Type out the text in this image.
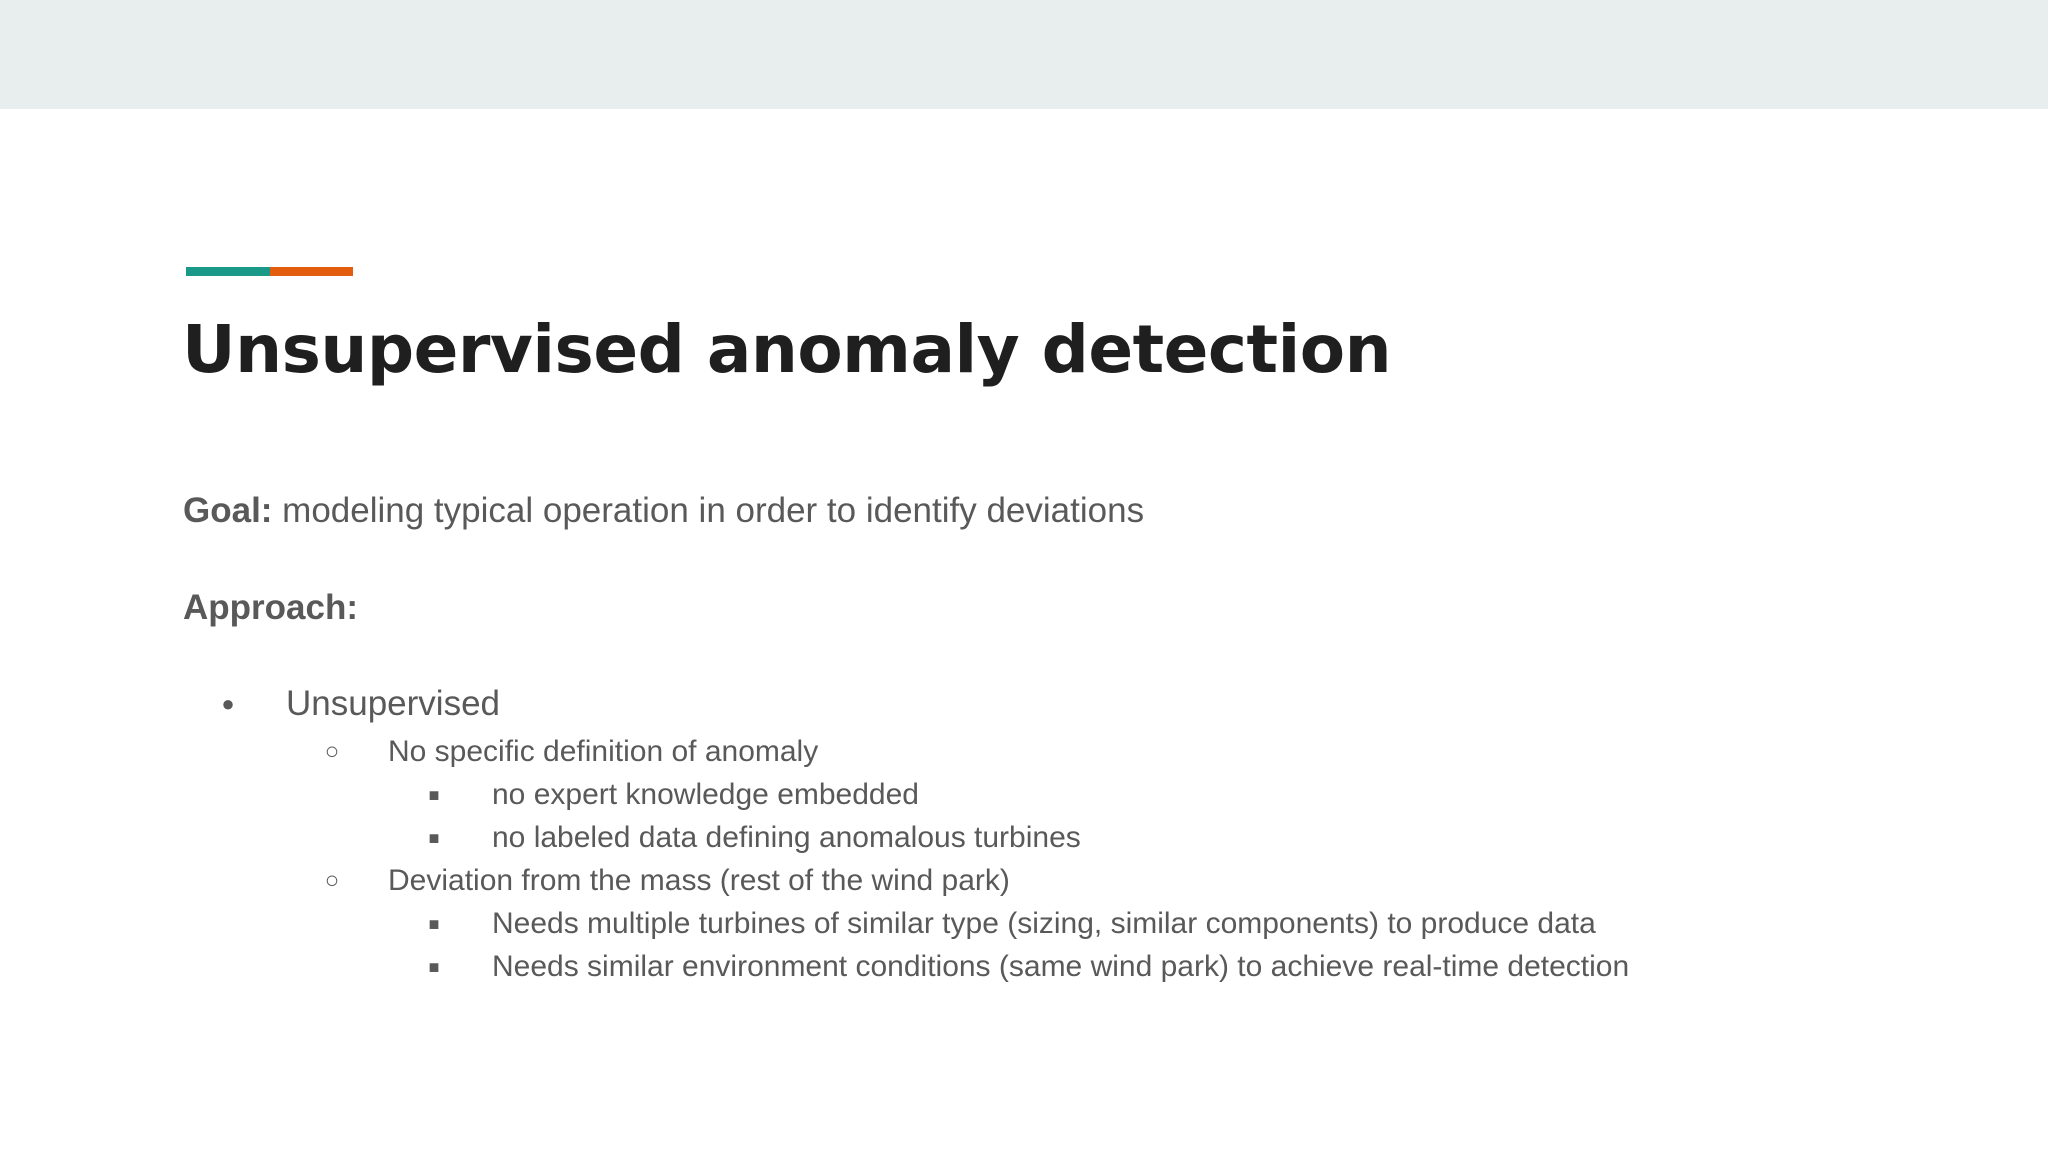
Unsupervised anomaly detection
Goal: modeling typical operation in order to identify deviations
Approach:
● Unsupervised
○ No specific definition of anomaly
■ no expert knowledge embedded
■ no labeled data defining anomalous turbines
○ Deviation from the mass (rest of the wind park)
■ Needs multiple turbines of similar type (sizing, similar components) to produce data
■ Needs similar environment conditions (same wind park) to achieve real-time detection
